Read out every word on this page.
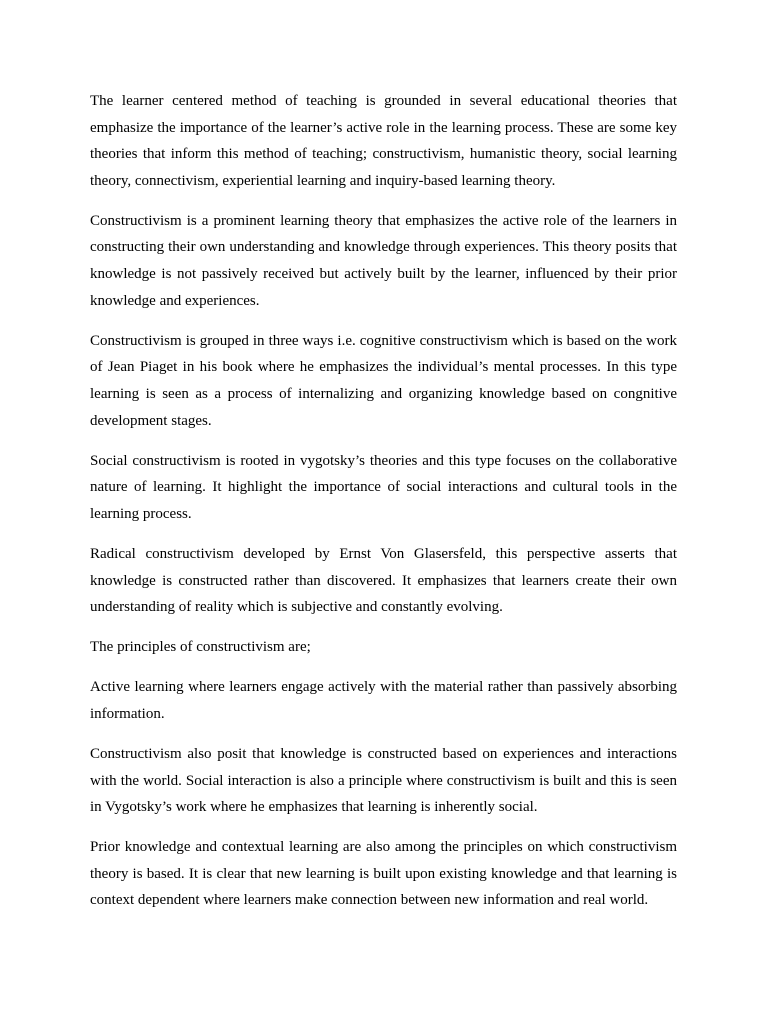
The learner centered method of teaching is grounded in several educational theories that emphasize the importance of the learner’s active role in the learning process. These are some key theories that inform this method of teaching; constructivism, humanistic theory, social learning theory, connectivism, experiential learning and inquiry-based learning theory.

Constructivism is a prominent learning theory that emphasizes the active role of the learners in constructing their own understanding and knowledge through experiences. This theory posits that knowledge is not passively received but actively built by the learner, influenced by their prior knowledge and experiences.

Constructivism is grouped in three ways i.e. cognitive constructivism which is based on the work of Jean Piaget in his book where he emphasizes the individual’s mental processes. In this type learning is seen as a process of internalizing and organizing knowledge based on congnitive development stages.

Social constructivism is rooted in vygotsky’s theories and this type focuses on the collaborative nature of learning. It highlight the importance of social interactions and cultural tools in the learning process.

Radical constructivism developed by Ernst Von Glasersfeld, this perspective asserts that knowledge is constructed rather than discovered. It emphasizes that learners create their own understanding of reality which is subjective and constantly evolving.

The principles of constructivism are;

Active learning where learners engage actively with the material rather than passively absorbing information.

Constructivism also posit that knowledge is constructed based on experiences and interactions with the world. Social interaction is also a principle where constructivism is built and this is seen in Vygotsky’s work where he emphasizes that learning is inherently social.

Prior knowledge and contextual learning are also among the principles on which constructivism theory is based. It is clear that new learning is built upon existing knowledge and that learning is context dependent where learners make connection between new information and real world.
